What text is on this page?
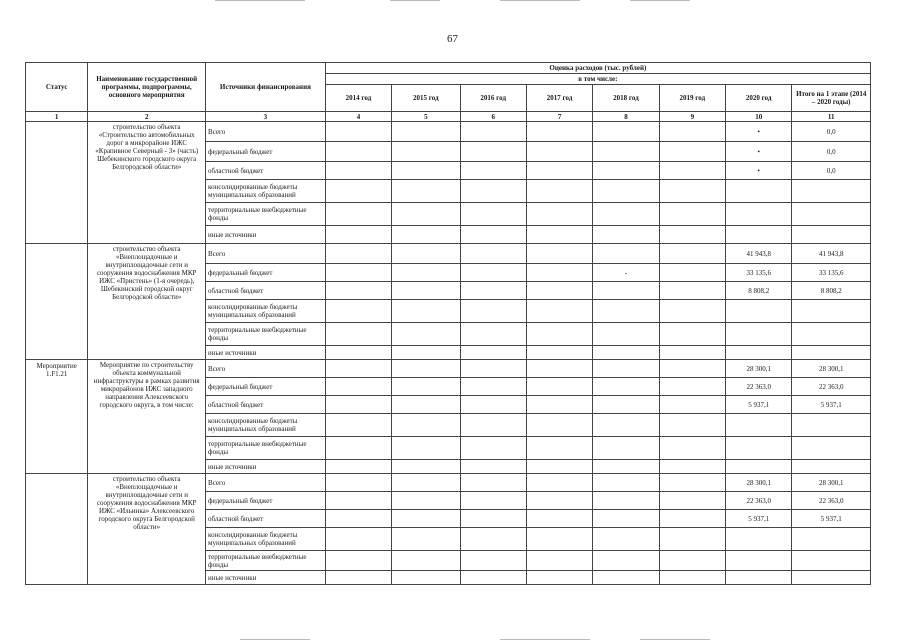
67
Статус	Наименование государственной программы, подпрограммы, основного мероприятия	Источники финансирования	Оценка расходов (тыс. рублей)							
			в том числе:							
			2014 год	2015 год	2016 год	2017 год	2018 год	2019 год	2020 год	Итого на 1 этапе (2014 – 2020 годы)
1	2	3	4	5	6	7	8	9	10	11
	строительство объекта «Строительство автомобильных дорог в микрорайоне ИЖС «Крапивное Северный - 3» (часть) Шебекинского городского округа Белгородской области»	Всего							•	0,0
		федеральный бюджет							•	0,0
		областной бюджет							•	0,0
		консолидированные бюджеты муниципальных образований								
		территориальные внебюджетные фонды								
		иные источники								
	строительство объекта «Внеплощадочные и внутриплощадочные сети и сооружения водоснабжения МКР ИЖС «Пристень» (1-я очередь), Шебекинский городской округ Белгородской области»	Всего							41 943,8	41 943,8
		федеральный бюджет					-		33 135,6	33 135,6
		областной бюджет							8 808,2	8 808,2
		консолидированные бюджеты муниципальных образований								
		территориальные внебюджетные фонды								
		иные источники								
Мероприятие 1.F1.21	Мероприятие по строительству объекта коммунальной инфраструктуры в рамках развития микрорайонов ИЖС западного направления Алексеевского городского округа, в том числе:	Всего							28 300,1	28 300,1
		федеральный бюджет							22 363,0	22 363,0
		областной бюджет							5 937,1	5 937,1
		консолидированные бюджеты муниципальных образований								
		территориальные внебюджетные фонды								
		иные источники								
	строительство объекта «Внеплощадочные и внутриплощадочные сети и сооружения водоснабжения МКР ИЖС «Ильинка» Алексеевского городского округа Белгородской области»	Всего							28 300,1	28 300,1
		федеральный бюджет							22 363,0	22 363,0
		областной бюджет							5 937,1	5 937,1
		консолидированные бюджеты муниципальных образований								
		территориальные внебюджетные фонды								
		иные источники								
